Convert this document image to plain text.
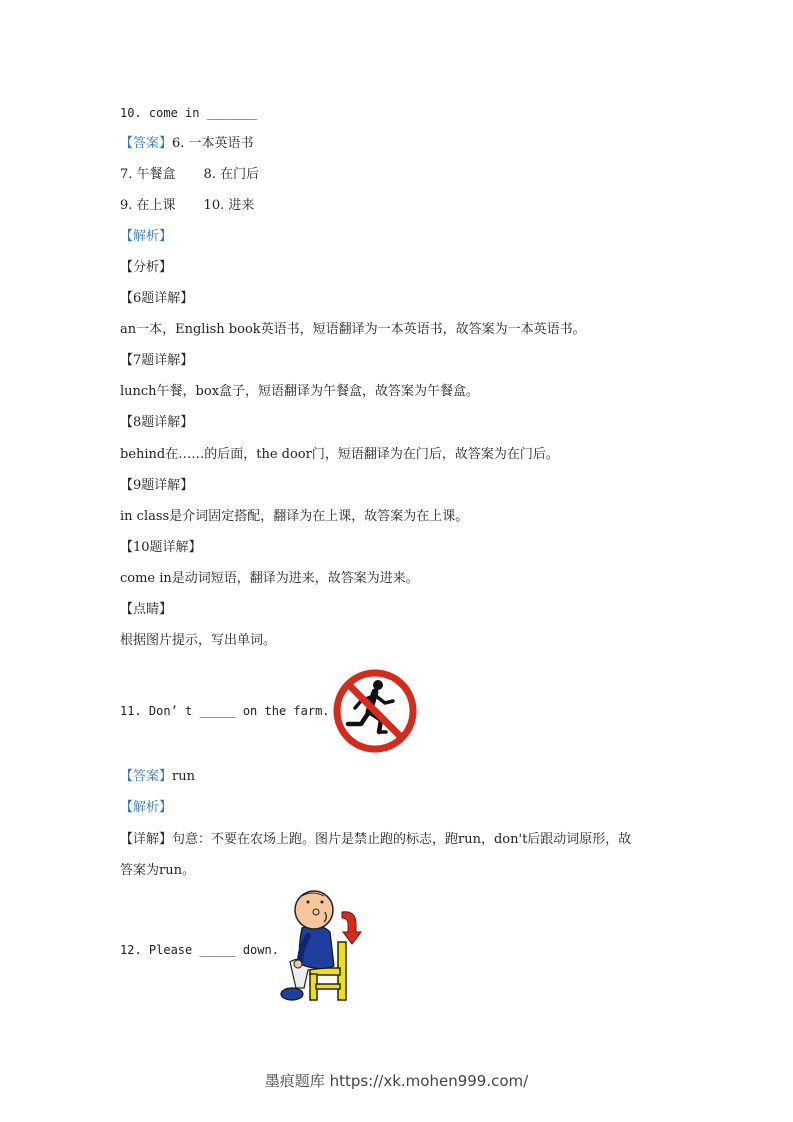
10. come in _______
【答案】6. 一本英语书
7. 午餐盒 8. 在门后
9. 在上课 10. 进来
【解析】
【分析】
【6题详解】
an一本，English book英语书，短语翻译为一本英语书，故答案为一本英语书。
【7题详解】
lunch午餐，box盒子，短语翻译为午餐盒，故答案为午餐盒。
【8题详解】
behind在……的后面，the door门，短语翻译为在门后，故答案为在门后。
【9题详解】
in class是介词固定搭配，翻译为在上课，故答案为在上课。
【10题详解】
come in是动词短语，翻译为进来，故答案为进来。
【点睛】
根据图片提示，写出单词。
11. Don’ t _____ on the farm.
【答案】run
【解析】
【详解】句意：不要在农场上跑。图片是禁止跑的标志，跑run，don't后跟动词原形，故
答案为run。
12. Please _____ down.
墨痕题库 https://xk.mohen999.com/
